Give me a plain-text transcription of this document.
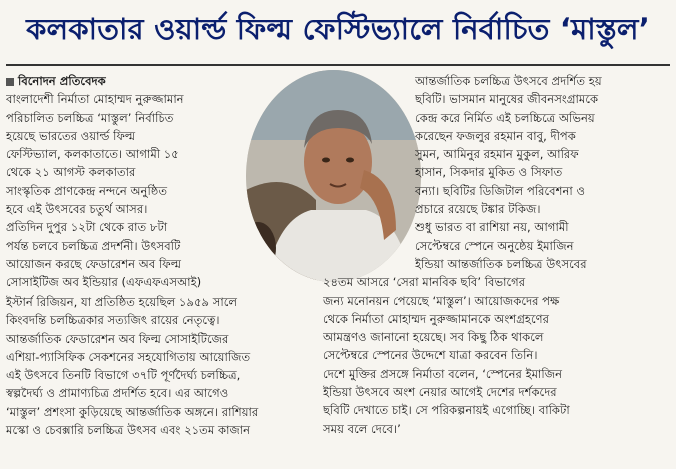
কলকাতার ওয়ার্ল্ড ফিল্ম ফেস্টিভ্যালে নির্বাচিত ‘মাস্তুল’
বিনোদন প্রতিবেদক
বাংলাদেশী নির্মাতা মোহাম্মদ নুরুজ্জামান
পরিচালিত চলচ্চিত্র ‘মাস্তুল’ নির্বাচিত
হয়েছে ভারতের ওয়ার্ল্ড ফিল্ম
ফেস্টিভ্যাল, কলকাতাতে। আগামী ১৫
থেকে ২১ আগস্ট কলকাতার
সাংস্কৃতিক প্রাণকেন্দ্র নন্দনে অনুষ্ঠিত
হবে এই উৎসবের চতুর্থ আসর।
প্রতিদিন দুপুর ১২টা থেকে রাত ৮টা
পর্যন্ত চলবে চলচ্চিত্র প্রদর্শনী। উৎসবটি
আয়োজন করছে ফেডারেশন অব ফিল্ম
সোসাইটিজ অব ইন্ডিয়ার (এফএফএসআই)
ইস্টার্ন রিজিয়ন, যা প্রতিষ্ঠিত হয়েছিল ১৯৫৯ সালে
কিংবদন্তি চলচ্চিত্রকার সত্যজিৎ রায়ের নেতৃত্বে।
আন্তর্জাতিক ফেডারেশন অব ফিল্ম সোসাইটিজের
এশিয়া-প্যাসিফিক সেকশনের সহযোগিতায় আয়োজিত
এই উৎসবে তিনটি বিভাগে ৩৭টি পূর্ণদৈর্ঘ্য চলচ্চিত্র,
স্বল্পদৈর্ঘ্য ও প্রামাণ্যচিত্র প্রদর্শিত হবে। এর আগেও
‘মাস্তুল’ প্রশংসা কুড়িয়েছে আন্তর্জাতিক অঙ্গনে। রাশিয়ার
মস্কো ও চেবক্সারি চলচ্চিত্র উৎসব এবং ২১তম কাজান
আন্তর্জাতিক চলচ্চিত্র উৎসবে প্রদর্শিত হয়
ছবিটি। ভাসমান মানুষের জীবনসংগ্রামকে
কেন্দ্র করে নির্মিত এই চলচ্চিত্রে অভিনয়
করেছেন ফজলুর রহমান বাবু, দীপক
সুমন, আমিনুর রহমান মুকুল, আরিফ
হাসান, সিকদার মুকিত ও সিফাত
বন্যা। ছবিটির ডিজিটাল পরিবেশনা ও
প্রচারে রয়েছে টঙ্কার টকিজ।
শুধু ভারত বা রাশিয়া নয়, আগামী
সেপ্টেম্বরে স্পেনে অনুষ্ঠেয় ইমাজিন
ইন্ডিয়া আন্তর্জাতিক চলচ্চিত্র উৎসবের
২৪তম আসরে ‘সেরা মানবিক ছবি’ বিভাগের
জন্য মনোনয়ন পেয়েছে ‘মাস্তুল’। আয়োজকদের পক্ষ
থেকে নির্মাতা মোহাম্মদ নুরুজ্জামানকে অংশগ্রহণের
আমন্ত্রণও জানানো হয়েছে। সব কিছু ঠিক থাকলে
সেপ্টেম্বরে স্পেনের উদ্দেশে যাত্রা করবেন তিনি।
দেশে মুক্তির প্রসঙ্গে নির্মাতা বলেন, ‘স্পেনের ইমাজিন
ইন্ডিয়া উৎসবে অংশ নেয়ার আগেই দেশের দর্শকদের
ছবিটি দেখাতে চাই। সে পরিকল্পনায়ই এগোচ্ছি। বাকিটা
সময় বলে দেবে।’
